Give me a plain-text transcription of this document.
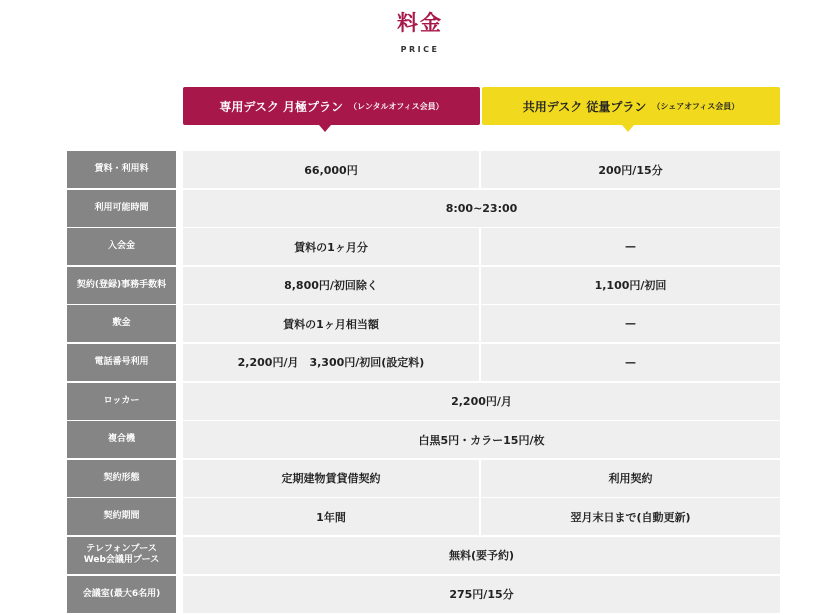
料金
PRICE
専用デスク 月極プラン （レンタルオフィス会員）	共用デスク 従量プラン （シェアオフィス会員）
賃料・利用料	66,000円	200円/15分
利用可能時間	8:00~23:00
入会金	賃料の1ヶ月分	—
契約(登録)事務手数料	8,800円/初回除く	1,100円/初回
敷金	賃料の1ヶ月相当額	—
電話番号利用	2,200円/月　3,300円/初回(設定料)	—
ロッカー	2,200円/月
複合機	白黒5円・カラー15円/枚
契約形態	定期建物賃貸借契約	利用契約
契約期間	1年間	翌月末日まで(自動更新)
テレフォンブース
Web会議用ブース	無料(要予約)
会議室(最大6名用)	275円/15分
